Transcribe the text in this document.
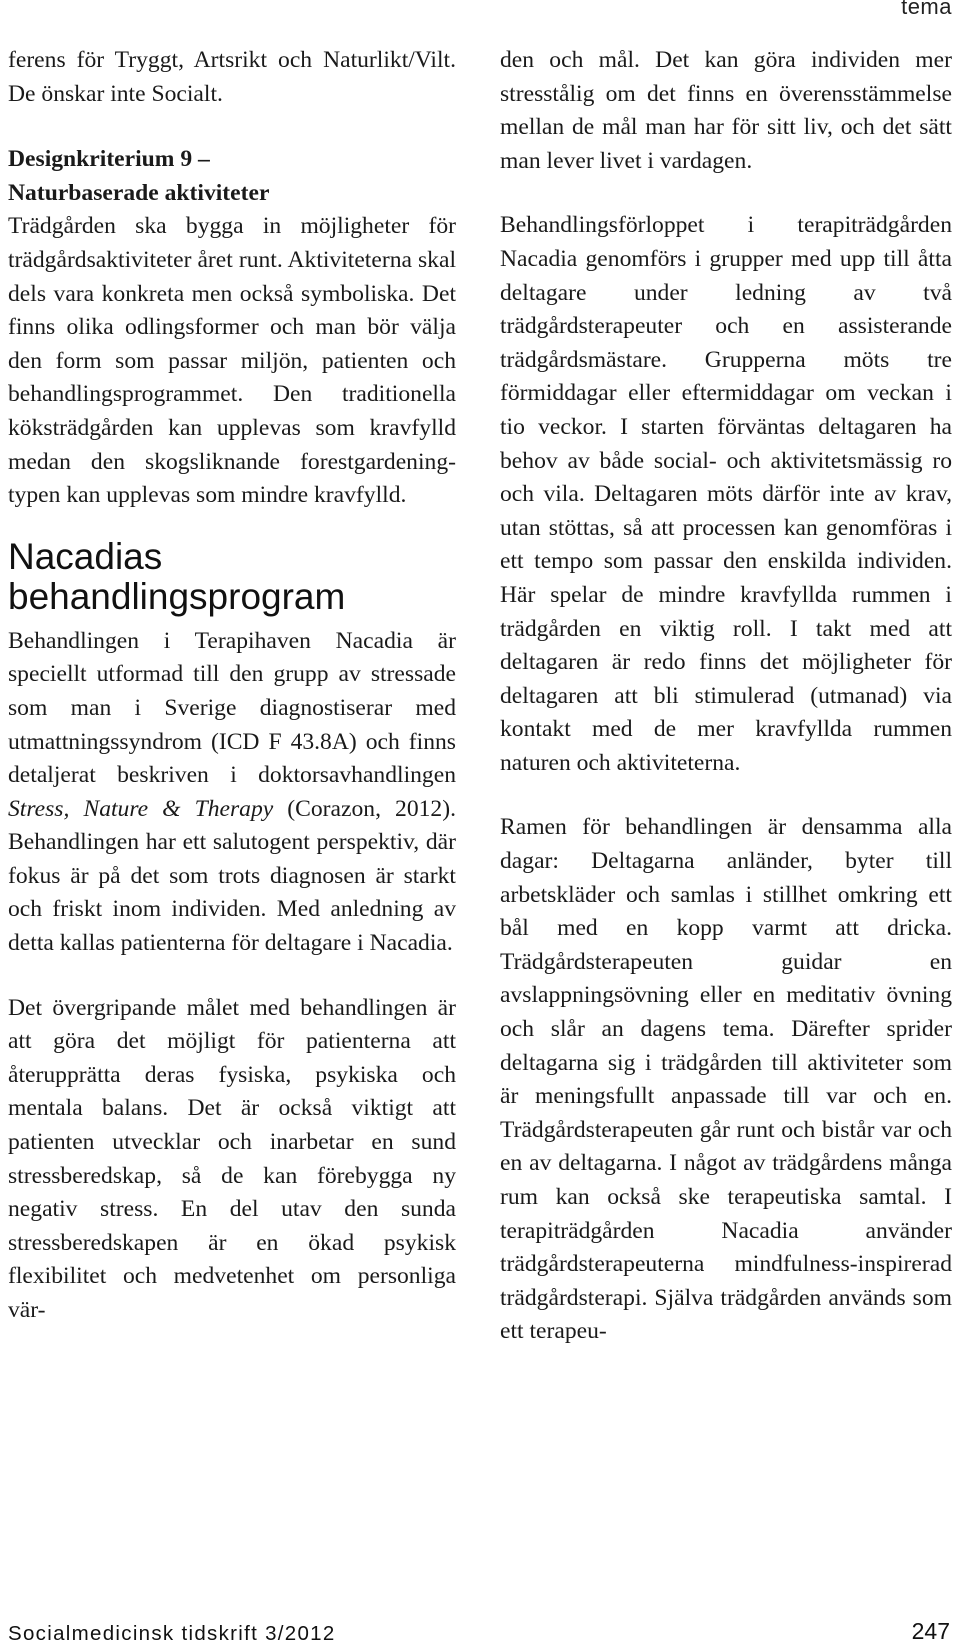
tema

ferens för Tryggt, Artsrikt och Naturlikt/Vilt. De önskar inte Socialt.

Designkriterium 9 –

Naturbaserade aktiviteter

Trädgården ska bygga in möjligheter för trädgårdsaktiviteter året runt. Aktiviteterna skal dels vara konkreta men också symboliska. Det finns olika odlingsformer och man bör välja den form som passar miljön, patienten och behandlingsprogrammet. Den traditionella köksträdgården kan upplevas som kravfylld medan den skogsliknande forestgardening- typen kan upplevas som mindre kravfylld.

Nacadias behandlingsprogram

Behandlingen i Terapihaven Nacadia är speciellt utformad till den grupp av stressade som man i Sverige diagnostiserar med utmattningssyndrom (ICD F 43.8A) och finns detaljerat beskriven i doktorsavhandlingen Stress, Nature & Therapy (Corazon, 2012). Behandlingen har ett salutogent perspektiv, där fokus är på det som trots diagnosen är starkt och friskt inom individen. Med anledning av detta kallas patienterna för deltagare i Nacadia.

Det övergripande målet med behandlingen är att göra det möjligt för patienterna att återupprätta deras fysiska, psykiska och mentala balans. Det är också viktigt att patienten utvecklar och inarbetar en sund stressberedskap, så de kan förebygga ny negativ stress. En del utav den sunda stressberedskapen är en ökad psykisk flexibilitet och medvetenhet om personliga vär-

den och mål. Det kan göra individen mer stresstålig om det finns en överensstämmelse mellan de mål man har för sitt liv, och det sätt man lever livet i vardagen.

Behandlingsförloppet i terapiträdgården Nacadia genomförs i grupper med upp till åtta deltagare under ledning av två trädgårdsterapeuter och en assisterande trädgårdsmästare. Grupperna möts tre förmiddagar eller eftermiddagar om veckan i tio veckor. I starten förväntas deltagaren ha behov av både social- och aktivitetsmässig ro och vila. Deltagaren möts därför inte av krav, utan stöttas, så att processen kan genomföras i ett tempo som passar den enskilda individen. Här spelar de mindre kravfyllda rummen i trädgården en viktig roll. I takt med att deltagaren är redo finns det möjligheter för deltagaren att bli stimulerad (utmanad) via kontakt med de mer kravfyllda rummen naturen och aktiviteterna.

Ramen för behandlingen är densamma alla dagar: Deltagarna anländer, byter till arbetskläder och samlas i stillhet omkring ett bål med en kopp varmt att dricka. Trädgårdsterapeuten guidar en avslappningsövning eller en meditativ övning och slår an dagens tema. Därefter sprider deltagarna sig i trädgården till aktiviteter som är meningsfullt anpassade till var och en. Trädgårdsterapeuten går runt och bistår var och en av deltagarna. I något av trädgårdens många rum kan också ske terapeutiska samtal. I terapiträdgården Nacadia använder trädgårdsterapeuterna mindfulness-inspirerad trädgårdsterapi. Själva trädgården används som ett terapeu-

Socialmedicinsk tidskrift 3/2012	247
